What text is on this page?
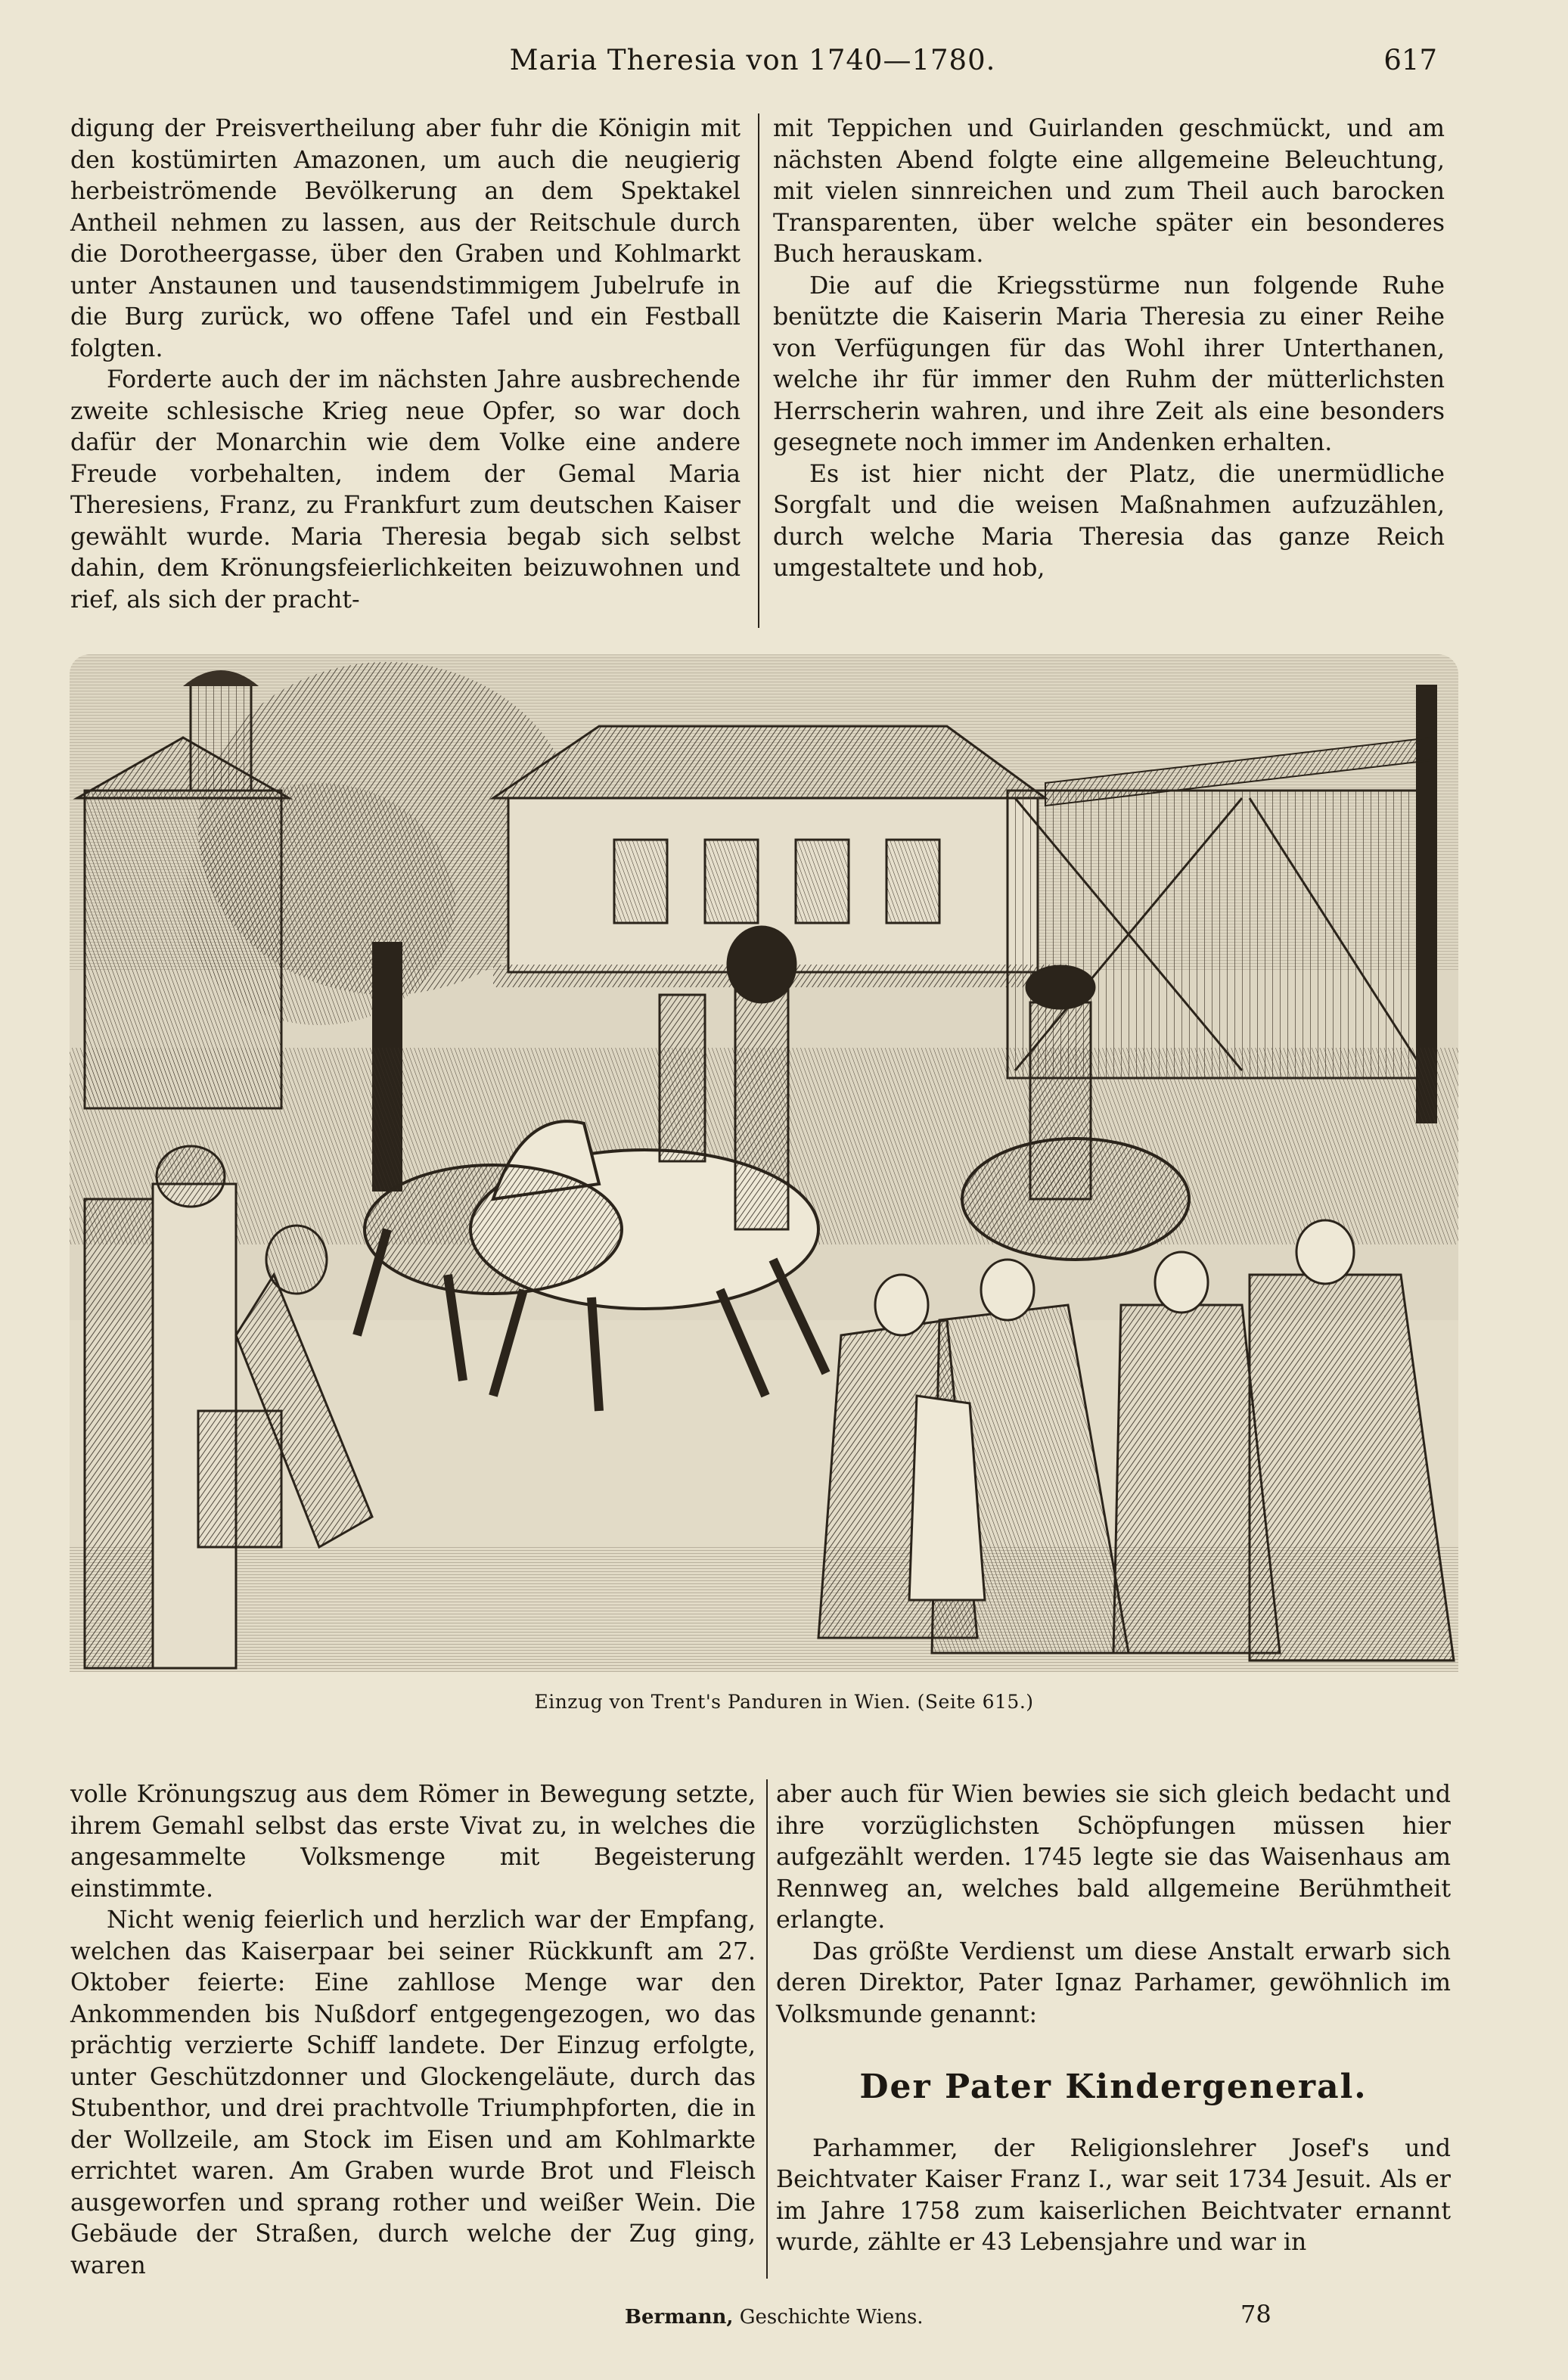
Maria Theresia von 1740—1780.	617

digung der Preisvertheilung aber fuhr die Königin mit den kostümirten Amazonen, um auch die neugierig herbeiströmende Bevölkerung an dem Spektakel Antheil nehmen zu lassen, aus der Reitschule durch die Dorotheergasse, über den Graben und Kohlmarkt unter Anstaunen und tausendstimmigem Jubelrufe in die Burg zurück, wo offene Tafel und ein Festball folgten.

Forderte auch der im nächsten Jahre ausbrechende zweite schlesische Krieg neue Opfer, so war doch dafür der Monarchin wie dem Volke eine andere Freude vorbehalten, indem der Gemal Maria Theresiens, Franz, zu Frankfurt zum deutschen Kaiser gewählt wurde. Maria Theresia begab sich selbst dahin, dem Krönungsfeierlichkeiten beizuwohnen und rief, als sich der pracht-

mit Teppichen und Guirlanden geschmückt, und am nächsten Abend folgte eine allgemeine Beleuchtung, mit vielen sinnreichen und zum Theil auch barocken Transparenten, über welche später ein besonderes Buch herauskam.

Die auf die Kriegsstürme nun folgende Ruhe benützte die Kaiserin Maria Theresia zu einer Reihe von Verfügungen für das Wohl ihrer Unterthanen, welche ihr für immer den Ruhm der mütterlichsten Herrscherin wahren, und ihre Zeit als eine besonders gesegnete noch immer im Andenken erhalten.

Es ist hier nicht der Platz, die unermüdliche Sorgfalt und die weisen Maßnahmen aufzuzählen, durch welche Maria Theresia das ganze Reich umgestaltete und hob,

Einzug von Trent's Panduren in Wien. (Seite 615.)

volle Krönungszug aus dem Römer in Bewegung setzte, ihrem Gemahl selbst das erste Vivat zu, in welches die angesammelte Volksmenge mit Begeisterung einstimmte.

Nicht wenig feierlich und herzlich war der Empfang, welchen das Kaiserpaar bei seiner Rückkunft am 27. Oktober feierte: Eine zahllose Menge war den Ankommenden bis Nußdorf entgegengezogen, wo das prächtig verzierte Schiff landete. Der Einzug erfolgte, unter Geschützdonner und Glockengeläute, durch das Stubenthor, und drei prachtvolle Triumphpforten, die in der Wollzeile, am Stock im Eisen und am Kohlmarkte errichtet waren. Am Graben wurde Brot und Fleisch ausgeworfen und sprang rother und weißer Wein. Die Gebäude der Straßen, durch welche der Zug ging, waren

aber auch für Wien bewies sie sich gleich bedacht und ihre vorzüglichsten Schöpfungen müssen hier aufgezählt werden. 1745 legte sie das Waisenhaus am Rennweg an, welches bald allgemeine Berühmtheit erlangte.

Das größte Verdienst um diese Anstalt erwarb sich deren Direktor, Pater Ignaz Parhamer, gewöhnlich im Volksmunde genannt:

Der Pater Kindergeneral.

Parhammer, der Religionslehrer Josef's und Beichtvater Kaiser Franz I., war seit 1734 Jesuit. Als er im Jahre 1758 zum kaiserlichen Beichtvater ernannt wurde, zählte er 43 Lebensjahre und war in

Bermann, Geschichte Wiens.	78
